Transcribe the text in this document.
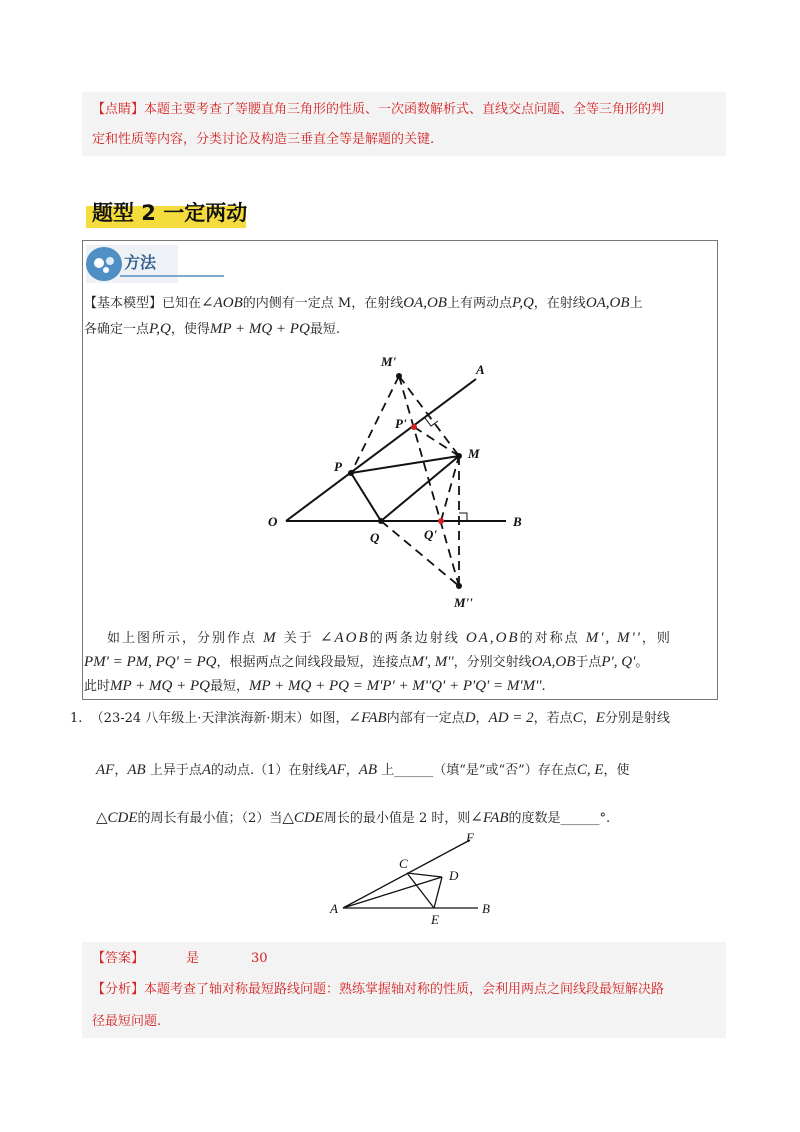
【点睛】本题主要考查了等腰直角三角形的性质、一次函数解析式、直线交点问题、全等三角形的判
定和性质等内容，分类讨论及构造三垂直全等是解题的关键.
题型 2 一定两动
方法
【基本模型】已知在∠AOB的内侧有一定点 M，在射线OA,OB上有两动点P,Q，在射线OA,OB上
各确定一点P,Q，使得MP + MQ + PQ最短.
M'
A
P'
M
P
O
Q	Q'
B
M''
F
C
D
A
E
B
如上图所示，分别作点 M 关于 ∠AOB的两条边射线 OA,OB的对称点 M', M''，则
PM' = PM, PQ' = PQ，根据两点之间线段最短，连接点M', M''，分别交射线OA,OB于点P', Q'。
此时MP + MQ + PQ最短，MP + MQ + PQ = M'P' + M''Q' + P'Q' = M'M''.
1. （23-24 八年级上·天津滨海新·期末）如图，∠FAB内部有一定点D，AD = 2，若点C，E分别是射线
AF，AB 上异于点A的动点.（1）在射线AF，AB 上______（填“是”或“否”）存在点C, E，使
△CDE的周长有最小值；（2）当△CDE周长的最小值是 2 时，则∠FAB的度数是______°.
【答案】	是	30
【分析】本题考查了轴对称最短路线问题：熟练掌握轴对称的性质，会利用两点之间线段最短解决路
径最短问题.
